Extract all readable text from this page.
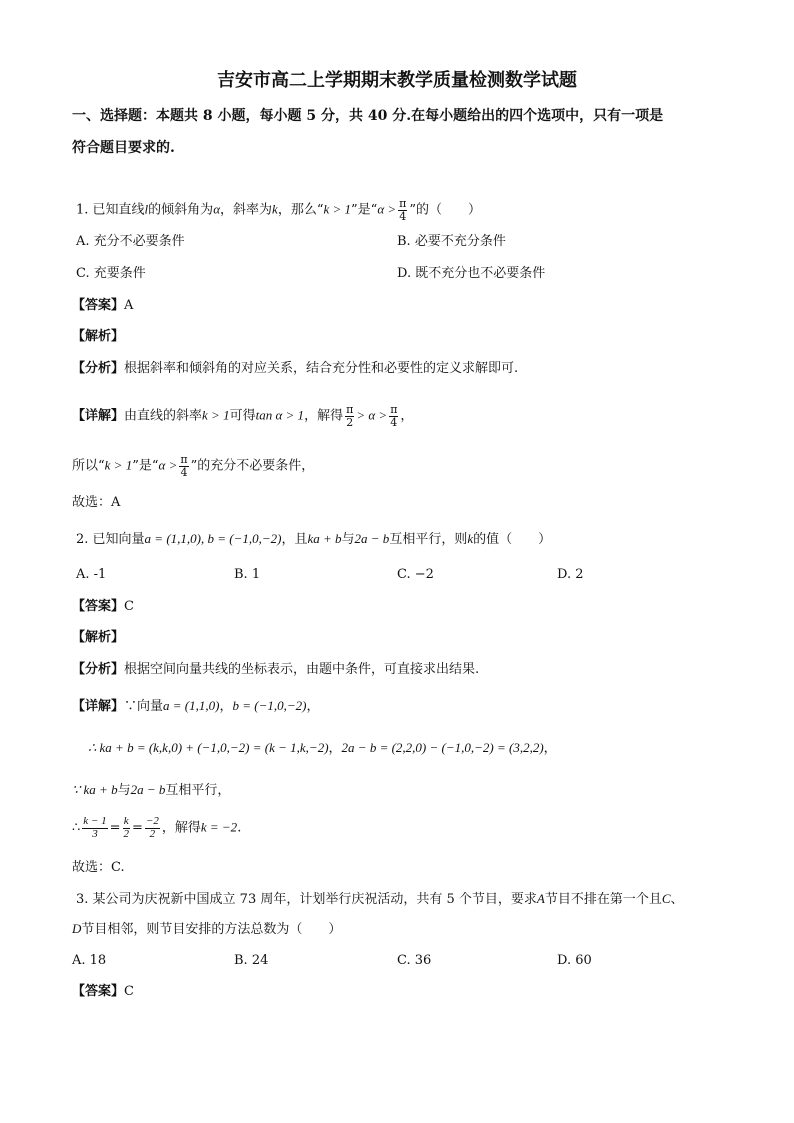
吉安市高二上学期期末教学质量检测数学试题
一、选择题：本题共 8 小题，每小题 5 分，共 40 分.在每小题给出的四个选项中，只有一项是
符合题目要求的.
1. 已知直线l的倾斜角为α，斜率为k，那么“k > 1”是“$\alpha > \frac{\pi}{4}$ ”的（　　）
A. 充分不必要条件	B. 必要不充分条件
C. 充要条件	D. 既不充分也不必要条件
【答案】A
【解析】
【分析】根据斜率和倾斜角的对应关系，结合充分性和必要性的定义求解即可.
【详解】由直线的斜率k > 1可得tan α > 1，解得 $\frac{\pi}{2} > \alpha > \frac{\pi}{4}$ ，
所以“k > 1”是“$\alpha > \frac{\pi}{4}$ ”的充分不必要条件，
故选：A
2. 已知向量a = (1,1,0), b = (−1,0,−2)，且ka + b与2a − b互相平行，则k的值（　　）
A. -1	B. 1	C. −2	D. 2
【答案】C
【解析】
【分析】根据空间向量共线的坐标表示，由题中条件，可直接求出结果.
【详解】∵向量a = (1,1,0)，b = (−1,0,−2)，
∴ ka + b = (k,k,0) + (−1,0,−2) = (k − 1,k,−2)，2a − b = (2,2,0) − (−1,0,−2) = (3,2,2)，
∵ ka + b与2a − b互相平行，
∴ $\frac{k - 1}{3} = \frac{k}{2} = \frac{-2}{2}$ ，解得k = −2.
故选：C.
3. 某公司为庆祝新中国成立 73 周年，计划举行庆祝活动，共有 5 个节目，要求A节目不排在第一个且C、
D节目相邻，则节目安排的方法总数为（　　）
A. 18	B. 24	C. 36	D. 60
【答案】C
